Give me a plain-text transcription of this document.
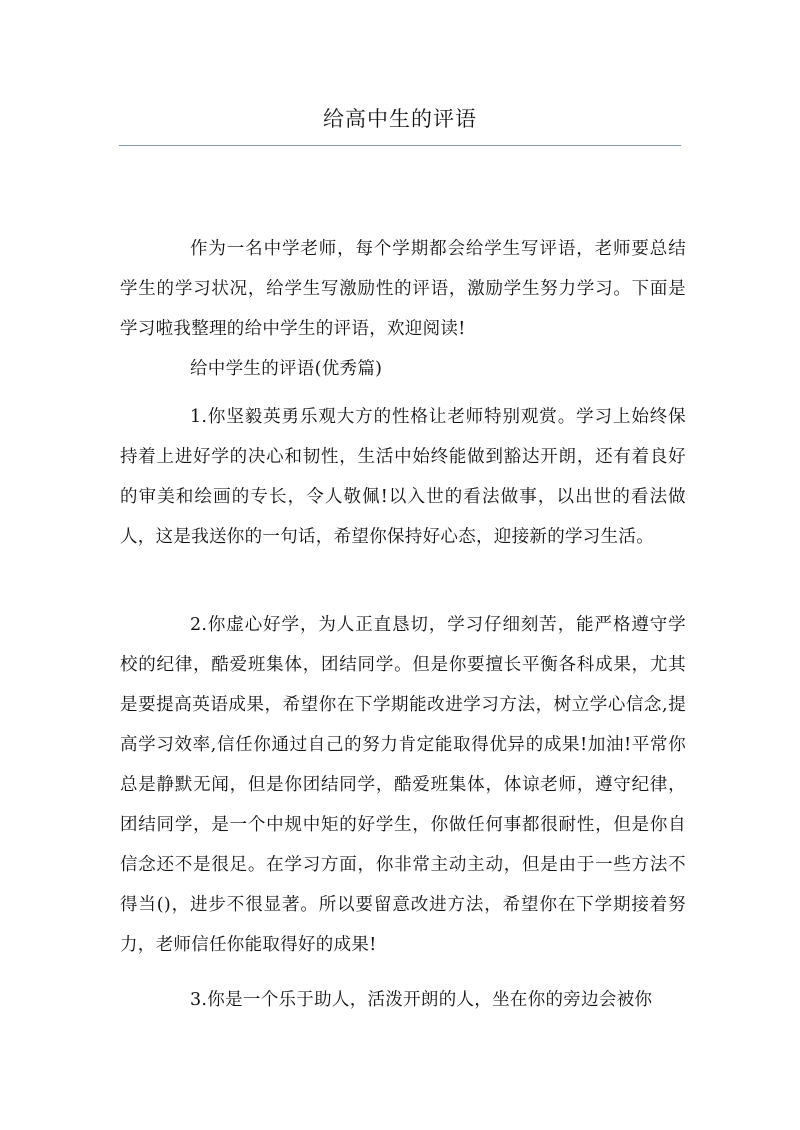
给高中生的评语

作为一名中学老师，每个学期都会给学生写评语，老师要总结学生的学习状况，给学生写激励性的评语，激励学生努力学习。下面是学习啦我整理的给中学生的评语，欢迎阅读!

给中学生的评语(优秀篇)

1.你坚毅英勇乐观大方的性格让老师特别观赏。学习上始终保持着上进好学的决心和韧性，生活中始终能做到豁达开朗，还有着良好的审美和绘画的专长，令人敬佩!以入世的看法做事，以出世的看法做人，这是我送你的一句话，希望你保持好心态，迎接新的学习生活。

2.你虚心好学，为人正直恳切，学习仔细刻苦，能严格遵守学校的纪律，酷爱班集体，团结同学。但是你要擅长平衡各科成果，尤其是要提高英语成果，希望你在下学期能改进学习方法，树立学心信念,提高学习效率,信任你通过自己的努力肯定能取得优异的成果!加油!平常你总是静默无闻，但是你团结同学，酷爱班集体，体谅老师，遵守纪律，团结同学，是一个中规中矩的好学生，你做任何事都很耐性，但是你自信念还不是很足。在学习方面，你非常主动主动，但是由于一些方法不得当()，进步不很显著。所以要留意改进方法，希望你在下学期接着努力，老师信任你能取得好的成果!

3.你是一个乐于助人，活泼开朗的人，坐在你的旁边会被你
